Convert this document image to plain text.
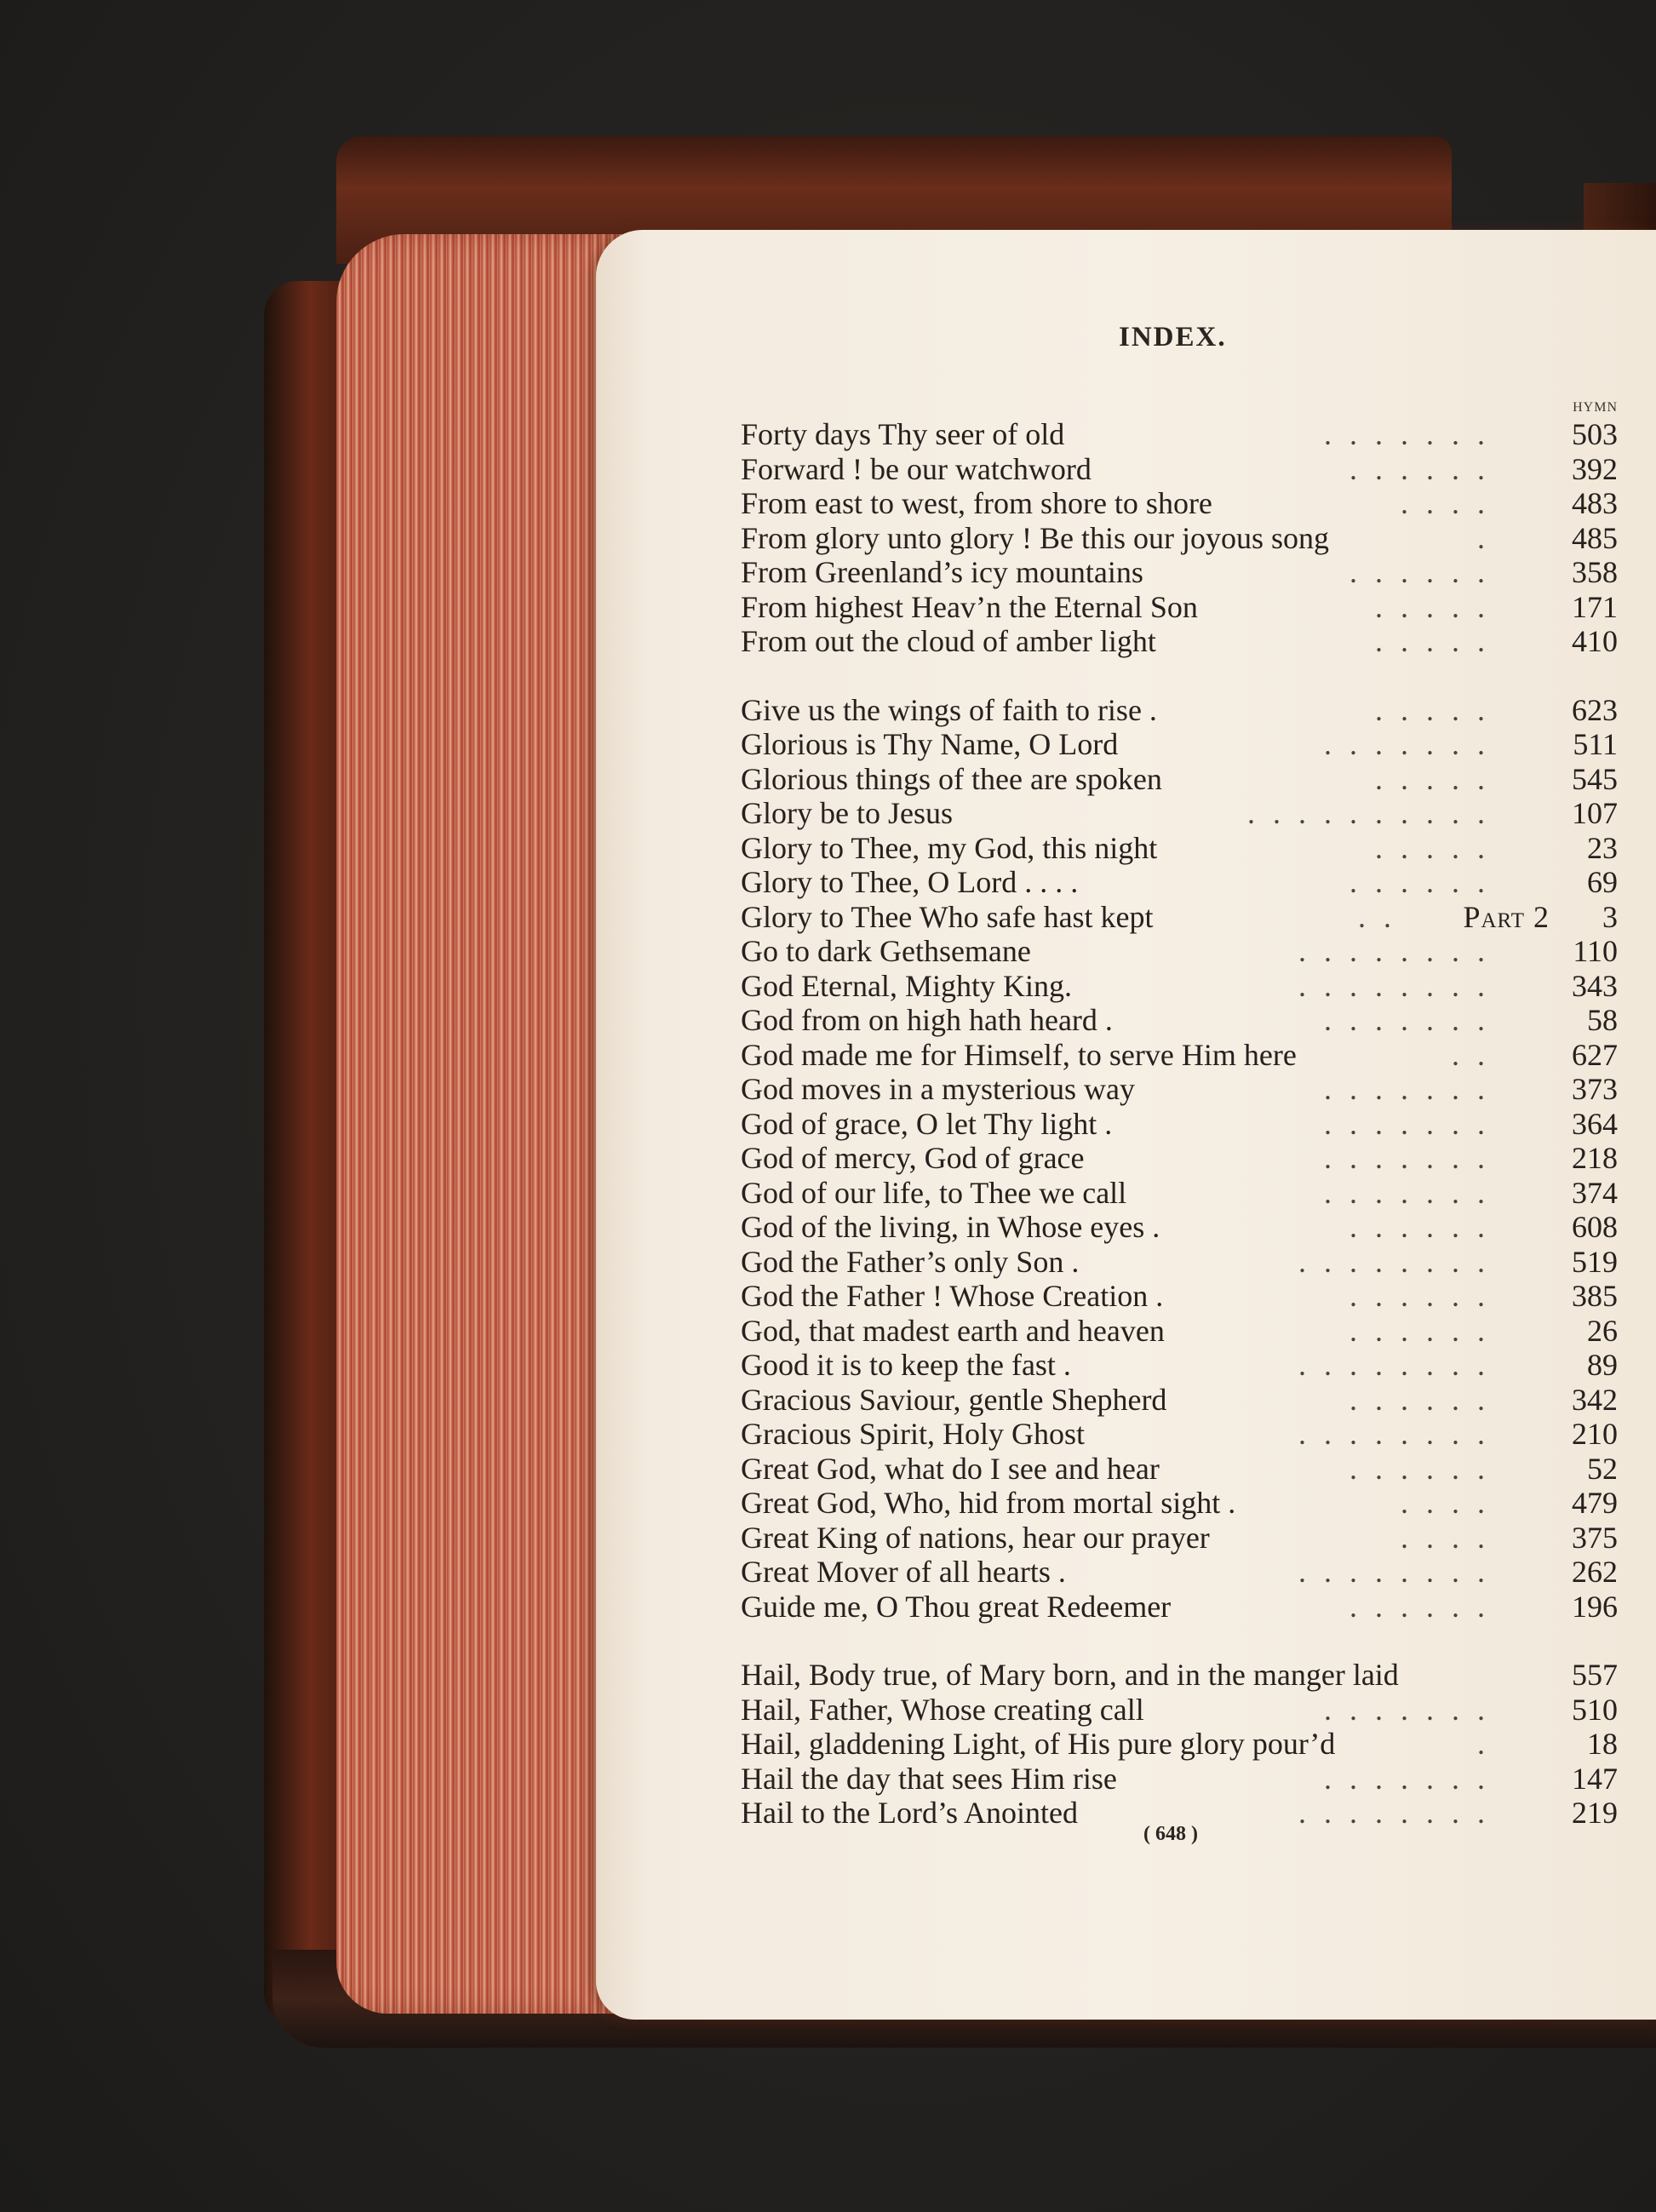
INDEX.
HYMN
Forty days Thy seer of old	. . . . . . .	503
Forward ! be our watchword	. . . . . .	392
From east to west, from shore to shore	. . . .	483
From glory unto glory ! Be this our joyous song	.	485
From Greenland’s icy mountains	. . . . . .	358
From highest Heav’n the Eternal Son	. . . . .	171
From out the cloud of amber light	. . . . .	410
Give us the wings of faith to rise .	. . . . .	623
Glorious is Thy Name, O Lord	. . . . . . .	511
Glorious things of thee are spoken	. . . . .	545
Glory be to Jesus	. . . . . . . . . .	107
Glory to Thee, my God, this night	. . . . .	23
Glory to Thee, O Lord . . . .	. . . . . .	69
Glory to Thee Who safe hast kept	. . Part 2 3
Go to dark Gethsemane	. . . . . . . .	110
God Eternal, Mighty King.	. . . . . . . .	343
God from on high hath heard .	. . . . . . .	58
God made me for Himself, to serve Him here	. .	627
God moves in a mysterious way	. . . . . . .	373
God of grace, O let Thy light .	. . . . . . .	364
God of mercy, God of grace	. . . . . . .	218
God of our life, to Thee we call	. . . . . . .	374
God of the living, in Whose eyes .	. . . . . .	608
God the Father’s only Son .	. . . . . . . .	519
God the Father ! Whose Creation .	. . . . . .	385
God, that madest earth and heaven	. . . . . .	26
Good it is to keep the fast .	. . . . . . . .	89
Gracious Saviour, gentle Shepherd	. . . . . .	342
Gracious Spirit, Holy Ghost	. . . . . . . .	210
Great God, what do I see and hear	. . . . . .	52
Great God, Who, hid from mortal sight .	. . . .	479
Great King of nations, hear our prayer	. . . .	375
Great Mover of all hearts .	. . . . . . . .	262
Guide me, O Thou great Redeemer	. . . . . .	196
Hail, Body true, of Mary born, and in the manger laid	557
Hail, Father, Whose creating call	. . . . . . .	510
Hail, gladdening Light, of His pure glory pour’d	.	18
Hail the day that sees Him rise	. . . . . . .	147
Hail to the Lord’s Anointed	. . . . . . . .	219
( 648 )
